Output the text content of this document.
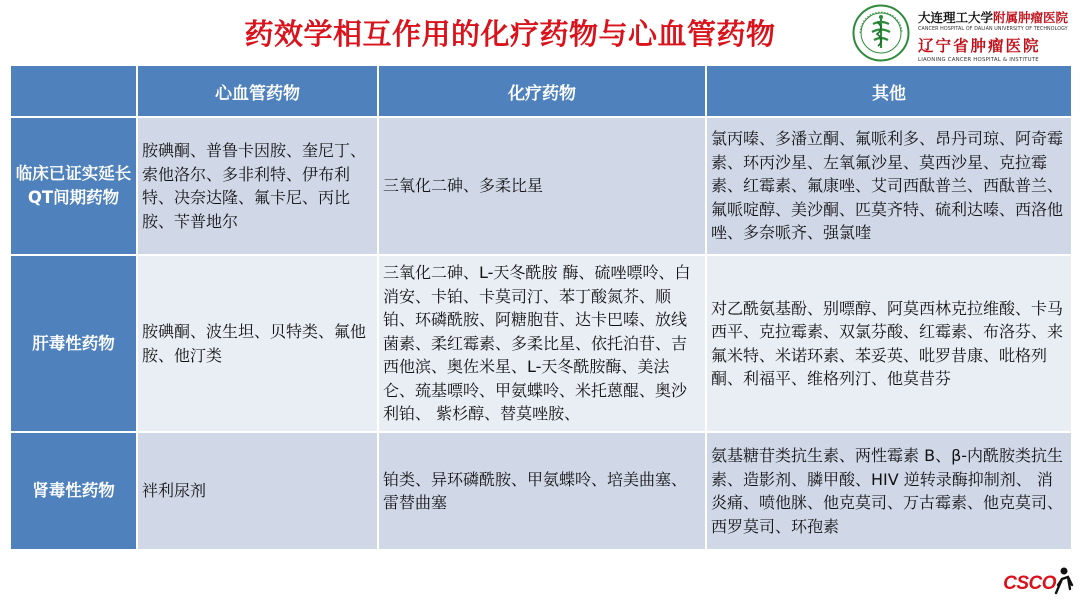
药效学相互作用的化疗药物与心血管药物	大连理工大学附属肿瘤医院
CANCER HOSPITAL OF DALIAN UNIVERSITY OF TECHNOLOGY
辽宁省肿瘤医院
LIAONING CANCER HOSPITAL & INSTITUTE
	心血管药物	化疗药物	其他
临床已证实延长QT间期药物	胺碘酮、普鲁卡因胺、奎尼丁、索他洛尔、多非利特、伊布利特、决奈达隆、氟卡尼、丙比胺、苄普地尔	三氧化二砷、多柔比星	氯丙嗪、多潘立酮、氟哌利多、昂丹司琼、阿奇霉素、环丙沙星、左氧氟沙星、莫西沙星、克拉霉素、红霉素、氟康唑、艾司西酞普兰、西酞普兰、氟哌啶醇、美沙酮、匹莫齐特、硫利达嗪、西洛他唑、多奈哌齐、强氯喹
肝毒性药物	胺碘酮、波生坦、贝特类、氟他胺、他汀类	三氧化二砷、L-天冬酰胺 酶、硫唑嘌呤、白消安、卡铂、卡莫司汀、苯丁酸氮芥、顺铂、环磷酰胺、阿糖胞苷、达卡巴嗪、放线菌素、柔红霉素、多柔比星、依托泊苷、吉西他滨、奥佐米星、L-天冬酰胺酶、美法仑、巯基嘌呤、甲氨蝶呤、米托蒽醌、奥沙利铂、 紫杉醇、替莫唑胺、	对乙酰氨基酚、别嘌醇、阿莫西林克拉维酸、卡马西平、克拉霉素、双氯芬酸、红霉素、布洛芬、来氟米特、米诺环素、苯妥英、吡罗昔康、吡格列酮、利福平、维格列汀、他莫昔芬
肾毒性药物	袢利尿剂	铂类、异环磷酰胺、甲氨蝶呤、培美曲塞、雷替曲塞	氨基糖苷类抗生素、两性霉素 B、β-内酰胺类抗生素、造影剂、膦甲酸、HIV 逆转录酶抑制剂、 消炎痛、喷他脒、他克莫司、万古霉素、他克莫司、西罗莫司、环孢素
CSCO
